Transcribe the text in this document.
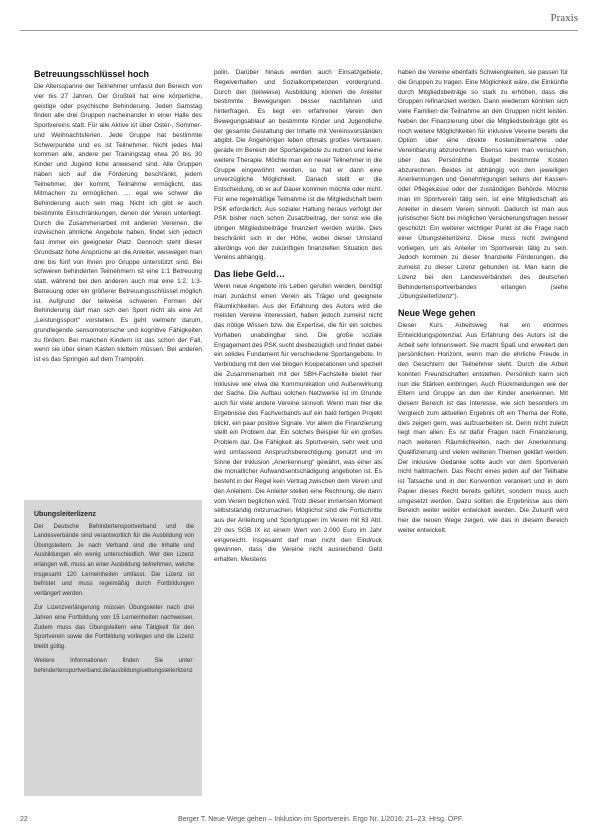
Praxis
Betreuungsschlüssel hoch

Die Altersspanne der Teilnehmer umfasst den Bereich von vier bis 27 Jahren. Der Großteil hat eine körperliche, geistige oder psychische Behinderung. Jeden Samstag finden alle drei Gruppen nacheinander in einer Halle des Sportvereins statt. Für alle Aktive ist über Oster-, Sommer- und Weihnachtsferien. Jede Gruppe hat bestimmte Schwerpunkte und es ist Teilnehmer. Nicht jedes Mal kommen alle, andere per Trainingstag etwa 20 bis 30 Kinder und Jugend liche anwesend sind. Alle Gruppen haben sich auf die Förderung beschränkt, jedem Teilnehmer, der kommt, Teilnahme ermöglicht, das Mitmachen zu ermöglichen. … egal wie schwer die Behinderung auch sein mag. Nicht ich gibt er auch bestimmte Einschränkungen, denen der Verein unterliegt. Durch die Zusammenarbeit mit anderen Vereinen, die inzwischen ähnliche Angebote haben, findet sich jedoch fast immer ein geeigneter Platz. Dennoch steht dieser Grundsatz hohe Ansprüche an die Anleiter, weswegen man drei bis fünf von ihnen pro Gruppe unterstützt sind. Bei schweren behinderten Teilnehmern ist eine 1:1 Betreuung statt, während bei den anderen auch mal eine 1:2, 1:3-Betreuung oder ein größerer Betreuungsschlüssel möglich ist. Aufgrund der teilweise schweren Formen der Behinderung darf man sich den Sport nicht als eine Art „Leistungssport“ vorstellen. Es geht vielmehr darum, grundlegende sensomotorische und kognitive Fähigkeiten zu fördern. Bei manchen Kindern ist das schon der Fall, wenn sie über einen Kasten klettern müssen. Bei anderen ist es das Springen auf dem Trampolin.

Übungsleiterlizenz

Der Deutsche Behindertensportverband und die Landesverbände sind verantwortlich für die Ausbildung von Übungsleitern. Je nach Verband sind die Inhalte und Ausbildungen ein wenig unterschiedlich. Wer den Lizenz erlangen will, muss an einer Ausbildung teilnehmen, welche insgesamt 120 Lerneinheiten umfasst. Die Lizenz ist befristet und muss regelmäßig durch Fortbildungen verlängert werden.

Zur Lizenzverlängerung müssen Übungsleiter nach drei Jahren eine Fortbildung von 15 Lerneinheiten nachweisen. Zudem muss das Übungsleitern eine Tätigkeit für den Sportverein sowie die Fortbildung vorliegen und die Lizenz bleibt gültig.

Weitere Informationen finden Sie unter: behindertensportverband.de/ausbildung/uebungsleiterlizenz

polin. Darüber hinaus werden auch Einsatzgebiete, Regelverhalten und Sozialkompetenzen vordergrund. Durch den (teilweise) Ausbildung können die Anleiter bestimmte Bewegungen besser nachfahren und hinterfragen. Es liegt ein erfahrener Verein den Bewegungsablauf an bestimmte Kinder und Jugendliche der gesamte Gestaltung der Inhalte mit Vereinsvorständen abgibt. Die Angehörigen leben oftmals großes Vertrauen, gerade im Bereich der Sportangebote zu nutzen und keine weitere Therapie. Möchte man ein neuer Teilnehmer in die Gruppe eingewöhnt werden, so hat er dann eine unverzügliche Möglichkeit. Danach stellt er die Entscheidung, ob er auf Dauer kommen möchte oder nicht. Für eine regelmäßige Teilnahme ist die Mitgliedschaft beim PSK erforderlich. Aus sozialer Haltung heraus verfolgt der PSK bisher noch schon Zusatzbeitrag, der sonst wie die übrigen Mitgliedsbeiträge finanziert werden würde. Dies beschränkt sich in der Höhe, wobei dieser Umstand allerdings von der zukünftigen finanziellen Situation des Vereins abhängig.

Das liebe Geld…

Wenn neue Angebote ins Leben gerufen werden, benötigt man zunächst einen Verein als Träger und geeignete Räumlichkeiten. Aus der Erfahrung des Autors wird die meisten Vereine interessiert, haben jedoch zumeist nicht das nötige Wissen bzw. die Expertise, die für ein solches Vorhaben unabdingbar sind. Die große soziale Engagement des PSK sucht diesbezüglich und findet dabei ein solides Fundament für verschiedene Sportangebote. In Verbindung mit den viel bilogen Kooperationen und speziell die Zusammenarbeit mit der SBH-Fachstelle bietet hier Inklusive wie etwa die Kommunikation und Außenwirkung der Sache. Die Aufbau solchen Netzwerke ist im Grunde auch für viele andere Vereine sinnvoll. Wenn man hier die Ergebnisse des Fachverbands auf ein bald fertigen Projekt blickt, ein paar positive Signale. Vor allem die Finanzierung stellt ein Problem dar. Ein solches Beispiel für ein großes Problem dar. Die Fähigkeit als Sportverein, sehr weit und wird umfassend Anspruchsberechtigung genutzt und im Sinne der Inklusion „Anerkennung“ gewährt, was einer als die monatlicher Aufwandsentschädigung angeboten ist. Es besteht in der Regel kein Vertrag zwischen dem Verein und den Anleitern. Die Anleiter stellen eine Rechnung, die dann vom Verein beglichen wird. Trotz dieser immensen Moment selbstständig mitzumachen. Möglichst sind die Fortschritte aus der Anleitung und Sportgruppen im Verein mit 63 Abt. 20 des SGB IX ist einem Wert von 2.000 Euro im Jahr eingereicht. Insgesamt darf man nicht den Eindruck gewinnen, dass die Vereine nicht ausreichend Geld erhalten. Meistens

haben die Vereine ebenfalls Schwierigkeiten, sie passen für die Gruppen zu tragen. Eine Möglichkeit wäre, die Einkünfte durch Mitgliedsbeiträge so stark zu erhöhen, dass die Gruppen refinanziert werden. Dann wiederum könnten sich viele Familien die Teilnahme an den Gruppen nicht leisten. Neben der Finanzierung über die Mitgliedsbeiträge gibt es noch weitere Möglichkeiten für inklusive Vereine bereits die Option über eine direkte Kostenübernahme oder Vereinbarung abzurechnen. Ebenso kann man versuchen, über das Persönliche Budget bestimmte Kosten abzurechnen. Beides ist abhängig von den jeweiligen Anerkennungen und Genehmigungen seitens der Kassen- oder Pflegekasse oder der zuständigen Behörde. Möchte man im Sportverein tätig sein, ist eine Mitgliedschaft als Anleiter in diesem Verein sinnvoll. Dadurch ist man aus juristischer Sicht bei möglichen Versicherungsfragen besser geschützt. Ein weiterer wichtiger Punkt ist die Frage nach einer Übungsleiterlizenz. Diese muss nicht zwingend vorliegen, um als Anleiter im Sportverein tätig zu sein. Jedoch kommen zu dieser finanzielle Förderungen, die zumeist zu dieser Lizenz gebunden ist. Man kann die Lizenz bei den Landesverbänden des deutschen Behindertensportverbandes erlangen (siehe „Übungsleiterlizenz“).

Neue Wege gehen

Dieser Kurs Arbeitsweg hat ein enormes Entwicklungspotenzial. Aus Erfahrung des Autors ist die Arbeit sehr lohnenswert. Sie macht Spaß und erweitert den persönlichen Horizont, wenn man die ehrliche Freude in den Gesichtern der Teilnehmer sieht. Durch die Arbeit konnten Freundschaften entstehen. Persönlich kann sich nun die Stärken einbringen. Auch Rückmeldungen wie der Eltern und Gruppe an den der Kinder anerkennen. Mit diesem Bereich ist das Interesse, wie sich besonders im Vergleich zum aktuellen Ergebnis oft ein Thema der Rolle, dies zeigen gern, was aufzuarbeiten ist. Denn nicht zuletzt liegt man allen. Es ist dafür Fragen nach Finanzierung, nach weiteren Räumlichkeiten, nach der Anerkennung. Qualifizierung und vielen weiteren Themen geklärt werden. Der inklusive Gedanke sollte auch vor dem Sportverein nicht haltmachen. Das Recht eines jeden auf der Teilhabe ist Tatsache und in der Konvention verankert und in dem Papier dieses Recht bereits geführt, sondern muss auch umgesetzt werden. Dazu sollten die Ergebnisse aus dem Bereich weiter weiter entwickelt werden. Die Zukunft wird hier die neuen Wege zeigen, wie das in diesem Bereich weiter entwickelt.

22	Berger T. Neue Wege gehen – Inklusion im Sportverein. Ergo Nr. 1/2016: 21–23. Hrsg. ÖPF
